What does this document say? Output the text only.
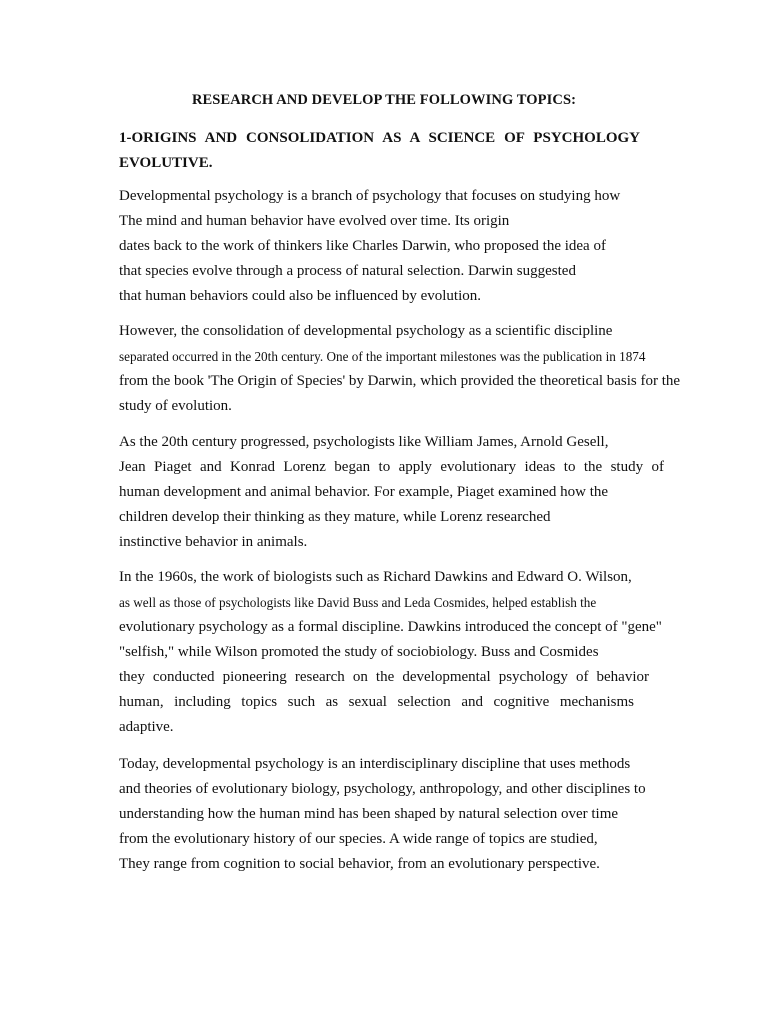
RESEARCH AND DEVELOP THE FOLLOWING TOPICS:
1-ORIGINS AND CONSOLIDATION AS A SCIENCE OF PSYCHOLOGY
EVOLUTIVE.
Developmental psychology is a branch of psychology that focuses on studying how
The mind and human behavior have evolved over time. Its origin
dates back to the work of thinkers like Charles Darwin, who proposed the idea of
that species evolve through a process of natural selection. Darwin suggested
that human behaviors could also be influenced by evolution.
However, the consolidation of developmental psychology as a scientific discipline
separated occurred in the 20th century. One of the important milestones was the publication in 1874
from the book 'The Origin of Species' by Darwin, which provided the theoretical basis for the
study of evolution.
As the 20th century progressed, psychologists like William James, Arnold Gesell,
Jean Piaget and Konrad Lorenz began to apply evolutionary ideas to the study of
human development and animal behavior. For example, Piaget examined how the
children develop their thinking as they mature, while Lorenz researched
instinctive behavior in animals.
In the 1960s, the work of biologists such as Richard Dawkins and Edward O. Wilson,
as well as those of psychologists like David Buss and Leda Cosmides, helped establish the
evolutionary psychology as a formal discipline. Dawkins introduced the concept of "gene"
"selfish," while Wilson promoted the study of sociobiology. Buss and Cosmides
they conducted pioneering research on the developmental psychology of behavior
human, including topics such as sexual selection and cognitive mechanisms
adaptive.
Today, developmental psychology is an interdisciplinary discipline that uses methods
and theories of evolutionary biology, psychology, anthropology, and other disciplines to
understanding how the human mind has been shaped by natural selection over time
from the evolutionary history of our species. A wide range of topics are studied,
They range from cognition to social behavior, from an evolutionary perspective.
